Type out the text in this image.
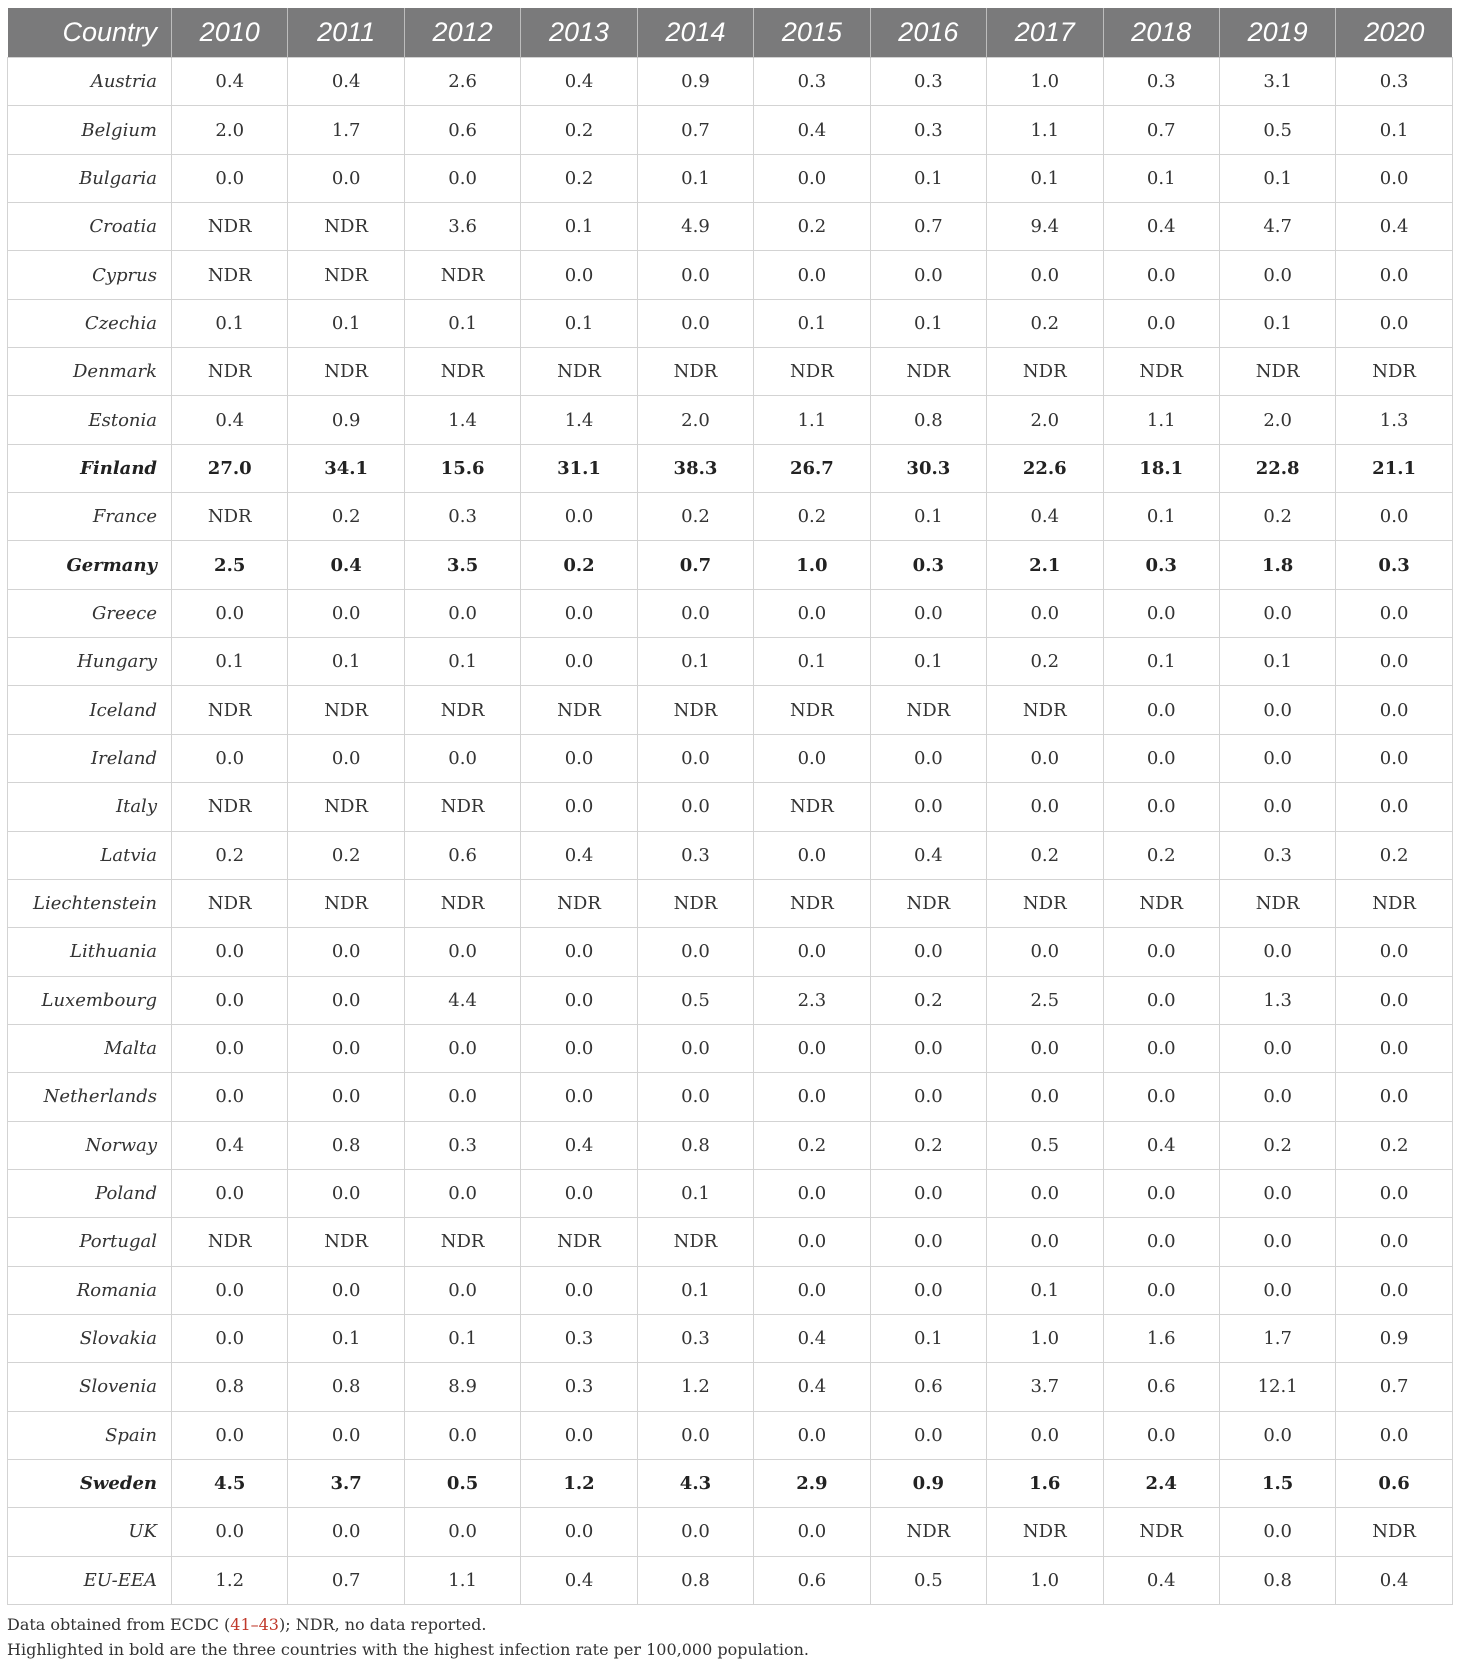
Country	2010	2011	2012	2013	2014	2015	2016	2017	2018	2019	2020
Austria	0.4	0.4	2.6	0.4	0.9	0.3	0.3	1.0	0.3	3.1	0.3
Belgium	2.0	1.7	0.6	0.2	0.7	0.4	0.3	1.1	0.7	0.5	0.1
Bulgaria	0.0	0.0	0.0	0.2	0.1	0.0	0.1	0.1	0.1	0.1	0.0
Croatia	NDR	NDR	3.6	0.1	4.9	0.2	0.7	9.4	0.4	4.7	0.4
Cyprus	NDR	NDR	NDR	0.0	0.0	0.0	0.0	0.0	0.0	0.0	0.0
Czechia	0.1	0.1	0.1	0.1	0.0	0.1	0.1	0.2	0.0	0.1	0.0
Denmark	NDR	NDR	NDR	NDR	NDR	NDR	NDR	NDR	NDR	NDR	NDR
Estonia	0.4	0.9	1.4	1.4	2.0	1.1	0.8	2.0	1.1	2.0	1.3
Finland	27.0	34.1	15.6	31.1	38.3	26.7	30.3	22.6	18.1	22.8	21.1
France	NDR	0.2	0.3	0.0	0.2	0.2	0.1	0.4	0.1	0.2	0.0
Germany	2.5	0.4	3.5	0.2	0.7	1.0	0.3	2.1	0.3	1.8	0.3
Greece	0.0	0.0	0.0	0.0	0.0	0.0	0.0	0.0	0.0	0.0	0.0
Hungary	0.1	0.1	0.1	0.0	0.1	0.1	0.1	0.2	0.1	0.1	0.0
Iceland	NDR	NDR	NDR	NDR	NDR	NDR	NDR	NDR	0.0	0.0	0.0
Ireland	0.0	0.0	0.0	0.0	0.0	0.0	0.0	0.0	0.0	0.0	0.0
Italy	NDR	NDR	NDR	0.0	0.0	NDR	0.0	0.0	0.0	0.0	0.0
Latvia	0.2	0.2	0.6	0.4	0.3	0.0	0.4	0.2	0.2	0.3	0.2
Liechtenstein	NDR	NDR	NDR	NDR	NDR	NDR	NDR	NDR	NDR	NDR	NDR
Lithuania	0.0	0.0	0.0	0.0	0.0	0.0	0.0	0.0	0.0	0.0	0.0
Luxembourg	0.0	0.0	4.4	0.0	0.5	2.3	0.2	2.5	0.0	1.3	0.0
Malta	0.0	0.0	0.0	0.0	0.0	0.0	0.0	0.0	0.0	0.0	0.0
Netherlands	0.0	0.0	0.0	0.0	0.0	0.0	0.0	0.0	0.0	0.0	0.0
Norway	0.4	0.8	0.3	0.4	0.8	0.2	0.2	0.5	0.4	0.2	0.2
Poland	0.0	0.0	0.0	0.0	0.1	0.0	0.0	0.0	0.0	0.0	0.0
Portugal	NDR	NDR	NDR	NDR	NDR	0.0	0.0	0.0	0.0	0.0	0.0
Romania	0.0	0.0	0.0	0.0	0.1	0.0	0.0	0.1	0.0	0.0	0.0
Slovakia	0.0	0.1	0.1	0.3	0.3	0.4	0.1	1.0	1.6	1.7	0.9
Slovenia	0.8	0.8	8.9	0.3	1.2	0.4	0.6	3.7	0.6	12.1	0.7
Spain	0.0	0.0	0.0	0.0	0.0	0.0	0.0	0.0	0.0	0.0	0.0
Sweden	4.5	3.7	0.5	1.2	4.3	2.9	0.9	1.6	2.4	1.5	0.6
UK	0.0	0.0	0.0	0.0	0.0	0.0	NDR	NDR	NDR	0.0	NDR
EU-EEA	1.2	0.7	1.1	0.4	0.8	0.6	0.5	1.0	0.4	0.8	0.4
Data obtained from ECDC (41–43); NDR, no data reported.
Highlighted in bold are the three countries with the highest infection rate per 100,000 population.
